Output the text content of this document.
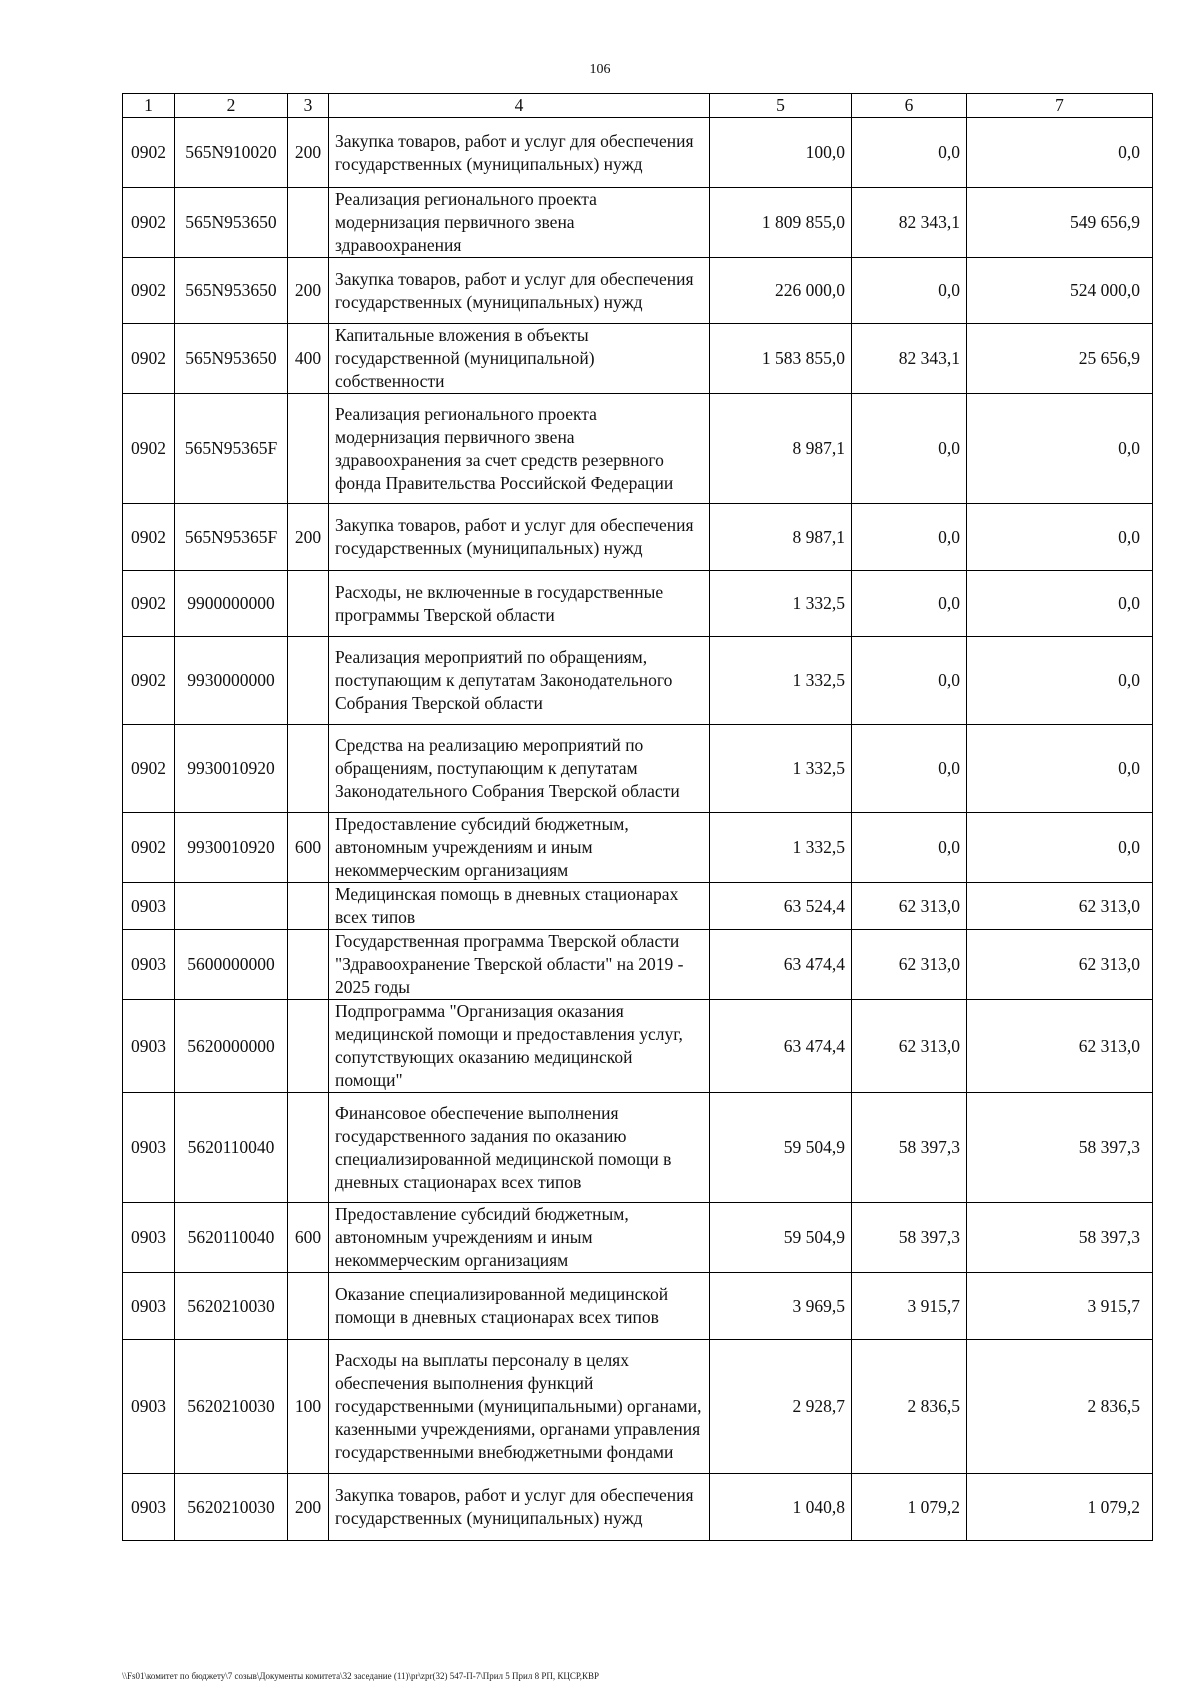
106
1	2	3	4	5	6	7
0902	565N910020	200	Закупка товаров, работ и услуг для обеспечения государственных (муниципальных) нужд	100,0	0,0	0,0
0902	565N953650		Реализация регионального проекта модернизация первичного звена здравоохранения	1 809 855,0	82 343,1	549 656,9
0902	565N953650	200	Закупка товаров, работ и услуг для обеспечения государственных (муниципальных) нужд	226 000,0	0,0	524 000,0
0902	565N953650	400	Капитальные вложения в объекты государственной (муниципальной) собственности	1 583 855,0	82 343,1	25 656,9
0902	565N95365F		Реализация регионального проекта модернизация первичного звена здравоохранения за счет средств резервного фонда Правительства Российской Федерации	8 987,1	0,0	0,0
0902	565N95365F	200	Закупка товаров, работ и услуг для обеспечения государственных (муниципальных) нужд	8 987,1	0,0	0,0
0902	9900000000		Расходы, не включенные в государственные программы Тверской области	1 332,5	0,0	0,0
0902	9930000000		Реализация мероприятий по обращениям, поступающим к депутатам Законодательного Собрания Тверской области	1 332,5	0,0	0,0
0902	9930010920		Средства на реализацию мероприятий по обращениям, поступающим к депутатам Законодательного Собрания Тверской области	1 332,5	0,0	0,0
0902	9930010920	600	Предоставление субсидий бюджетным, автономным учреждениям и иным некоммерческим организациям	1 332,5	0,0	0,0
0903			Медицинская помощь в дневных стационарах всех типов	63 524,4	62 313,0	62 313,0
0903	5600000000		Государственная программа Тверской области "Здравоохранение Тверской области" на 2019 - 2025 годы	63 474,4	62 313,0	62 313,0
0903	5620000000		Подпрограмма "Организация оказания медицинской помощи и предоставления услуг, сопутствующих оказанию медицинской помощи"	63 474,4	62 313,0	62 313,0
0903	5620110040		Финансовое обеспечение выполнения государственного задания по оказанию специализированной медицинской помощи в дневных стационарах всех типов	59 504,9	58 397,3	58 397,3
0903	5620110040	600	Предоставление субсидий бюджетным, автономным учреждениям и иным некоммерческим организациям	59 504,9	58 397,3	58 397,3
0903	5620210030		Оказание специализированной медицинской помощи в дневных стационарах всех типов	3 969,5	3 915,7	3 915,7
0903	5620210030	100	Расходы на выплаты персоналу в целях обеспечения выполнения функций государственными (муниципальными) органами, казенными учреждениями, органами управления государственными внебюджетными фондами	2 928,7	2 836,5	2 836,5
0903	5620210030	200	Закупка товаров, работ и услуг для обеспечения государственных (муниципальных) нужд	1 040,8	1 079,2	1 079,2
\\Fs01\комитет по бюджету\7 созыв\Документы комитета\32 заседание (11)\pr\zpr(32) 547-П-7\Прил 5 Прил 8 РП, КЦСР,КВР
